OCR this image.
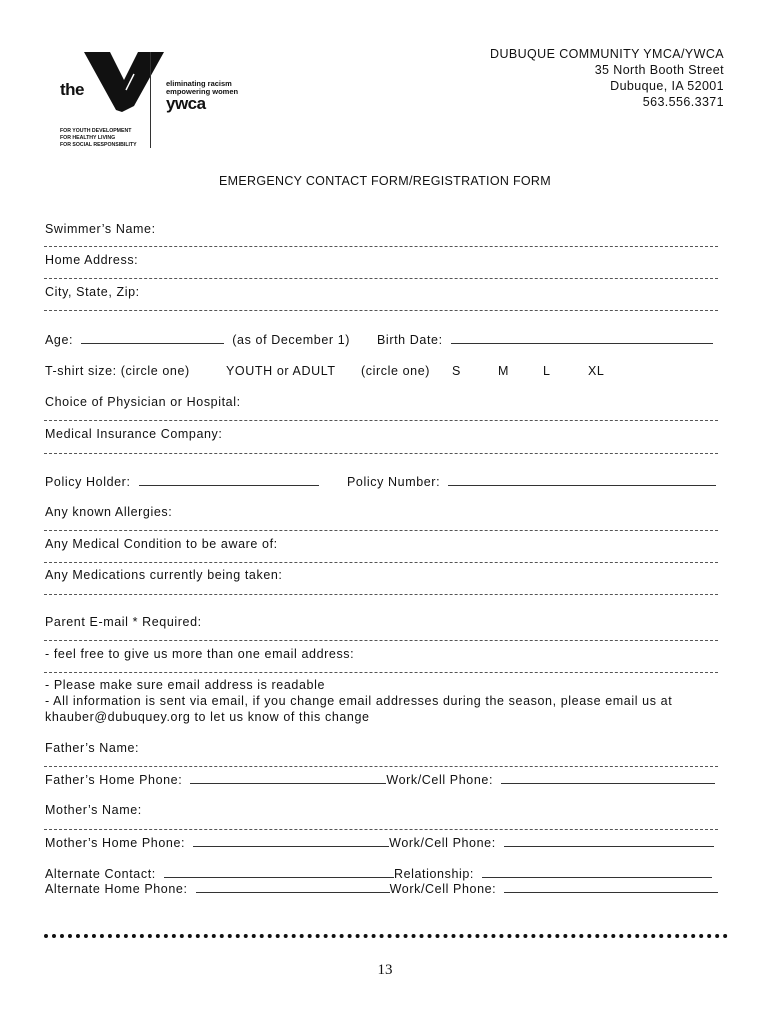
the	eliminating racism
empowering women
ywca
FOR YOUTH DEVELOPMENT
FOR HEALTHY LIVING
FOR SOCIAL RESPONSIBILITY
DUBUQUE COMMUNITY YMCA/YWCA
35 North Booth Street
Dubuque, IA 52001
563.556.3371
EMERGENCY CONTACT FORM/REGISTRATION FORM
Swimmer’s Name:
Home Address:
City, State, Zip:
Age:	(as of December 1) Birth Date:
T-shirt size: (circle one)	YOUTH or ADULT (circle one) S	M	L	XL
Choice of Physician or Hospital:
Medical Insurance Company:
Policy Holder:	Policy Number:
Any known Allergies:
Any Medical Condition to be aware of:
Any Medications currently being taken:
Parent E-mail * Required:
- feel free to give us more than one email address:
- Please make sure email address is readable
- All information is sent via email, if you change email addresses during the season, please email us at
khauber@dubuquey.org to let us know of this change
Father’s Name:
Father’s Home Phone:	Work/Cell Phone:
Mother’s Name:
Mother’s Home Phone:	Work/Cell Phone:
Alternate Contact:	Relationship:
Alternate Home Phone:	Work/Cell Phone:
13
